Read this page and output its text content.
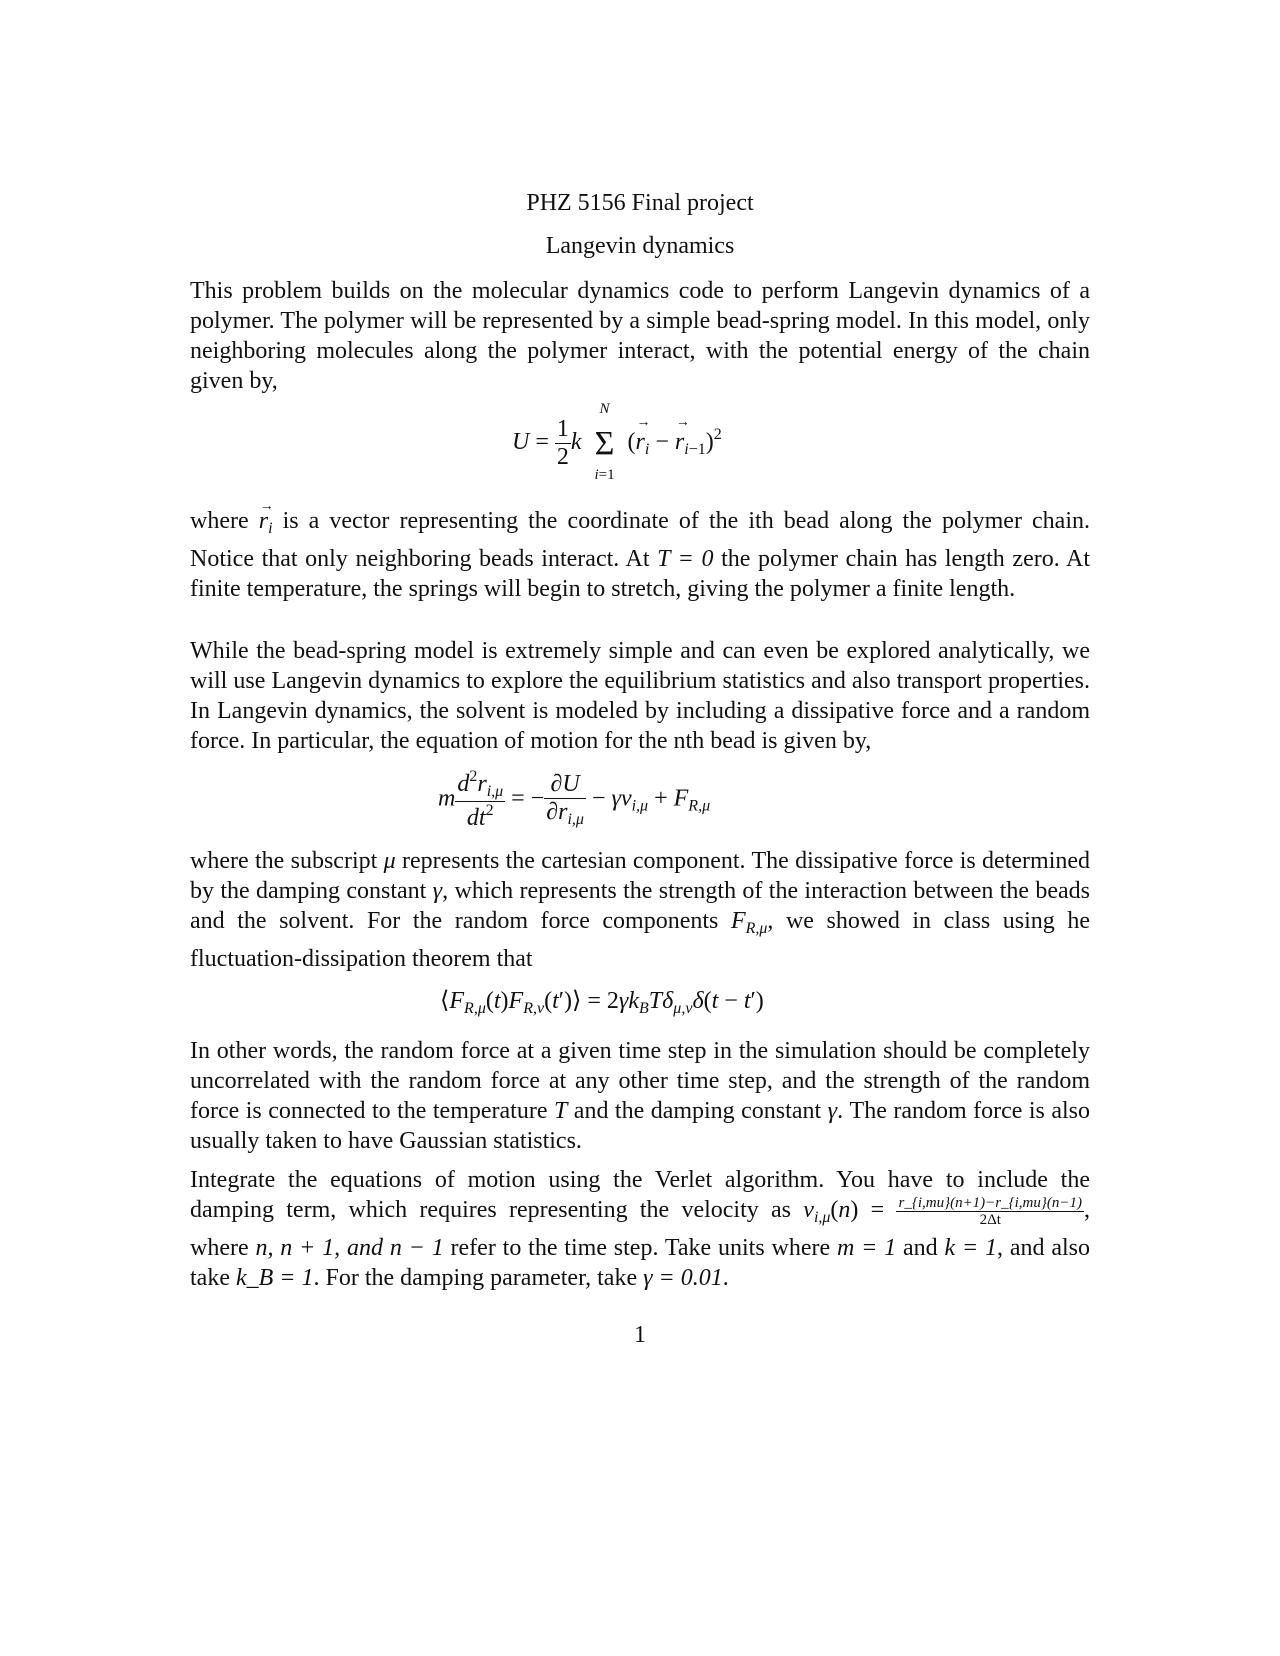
PHZ 5156 Final project
Langevin dynamics

This problem builds on the molecular dynamics code to perform Langevin dynamics of a polymer. The polymer will be represented by a simple bead-spring model. In this model, only neighboring molecules along the polymer interact, with the potential energy of the chain given by,

$U = \frac{1}{2}$ k
N
Σ
i=1
$(r \to_i - r \to_{i-1})^2$

where $r \to_i$ is a vector representing the coordinate of the ith bead along the polymer chain. Notice that only neighboring beads interact. At T = 0 the polymer chain has length zero. At finite temperature, the springs will begin to stretch, giving the polymer a finite length.

While the bead-spring model is extremely simple and can even be explored analytically, we will use Langevin dynamics to explore the equilibrium statistics and also transport properties. In Langevin dynamics, the solvent is modeled by including a dissipative force and a random force. In particular, the equation of motion for the nth bead is given by,

m $\frac{d^2r_{i,\mu}}{dt^2}$ = − $\frac{\partial U}{\partial r_{i,\mu}} - \gamma v_{i,\mu} + F_{R,\mu}$

where the subscript μ represents the cartesian component. The dissipative force is determined by the damping constant γ, which represents the strength of the interaction between the beads and the solvent. For the random force components $F_{R,\mu}$, we showed in class using he fluctuation-dissipation theorem that

$⟨F_{R,\mu}(t)F_{R,\nu}(t')⟩ = 2\gamma k_BT\delta_{\mu,\nu}\delta(t - t')$

In other words, the random force at a given time step in the simulation should be completely uncorrelated with the random force at any other time step, and the strength of the random force is connected to the temperature T and the damping constant γ. The random force is also usually taken to have Gaussian statistics.

Integrate the equations of motion using the Verlet algorithm. You have to include the damping term, which requires representing the velocity as $v_{i,\mu}(n) = \frac{r\_\{i,mu\}(n+1)-r\_\{i,mu\}(n-1)}{2\Delta t}$ , where n, n + 1, and n − 1 refer to the time step. Take units where m = 1 and k = 1, and also take k_B = 1. For the damping parameter, take γ = 0.01.

1
